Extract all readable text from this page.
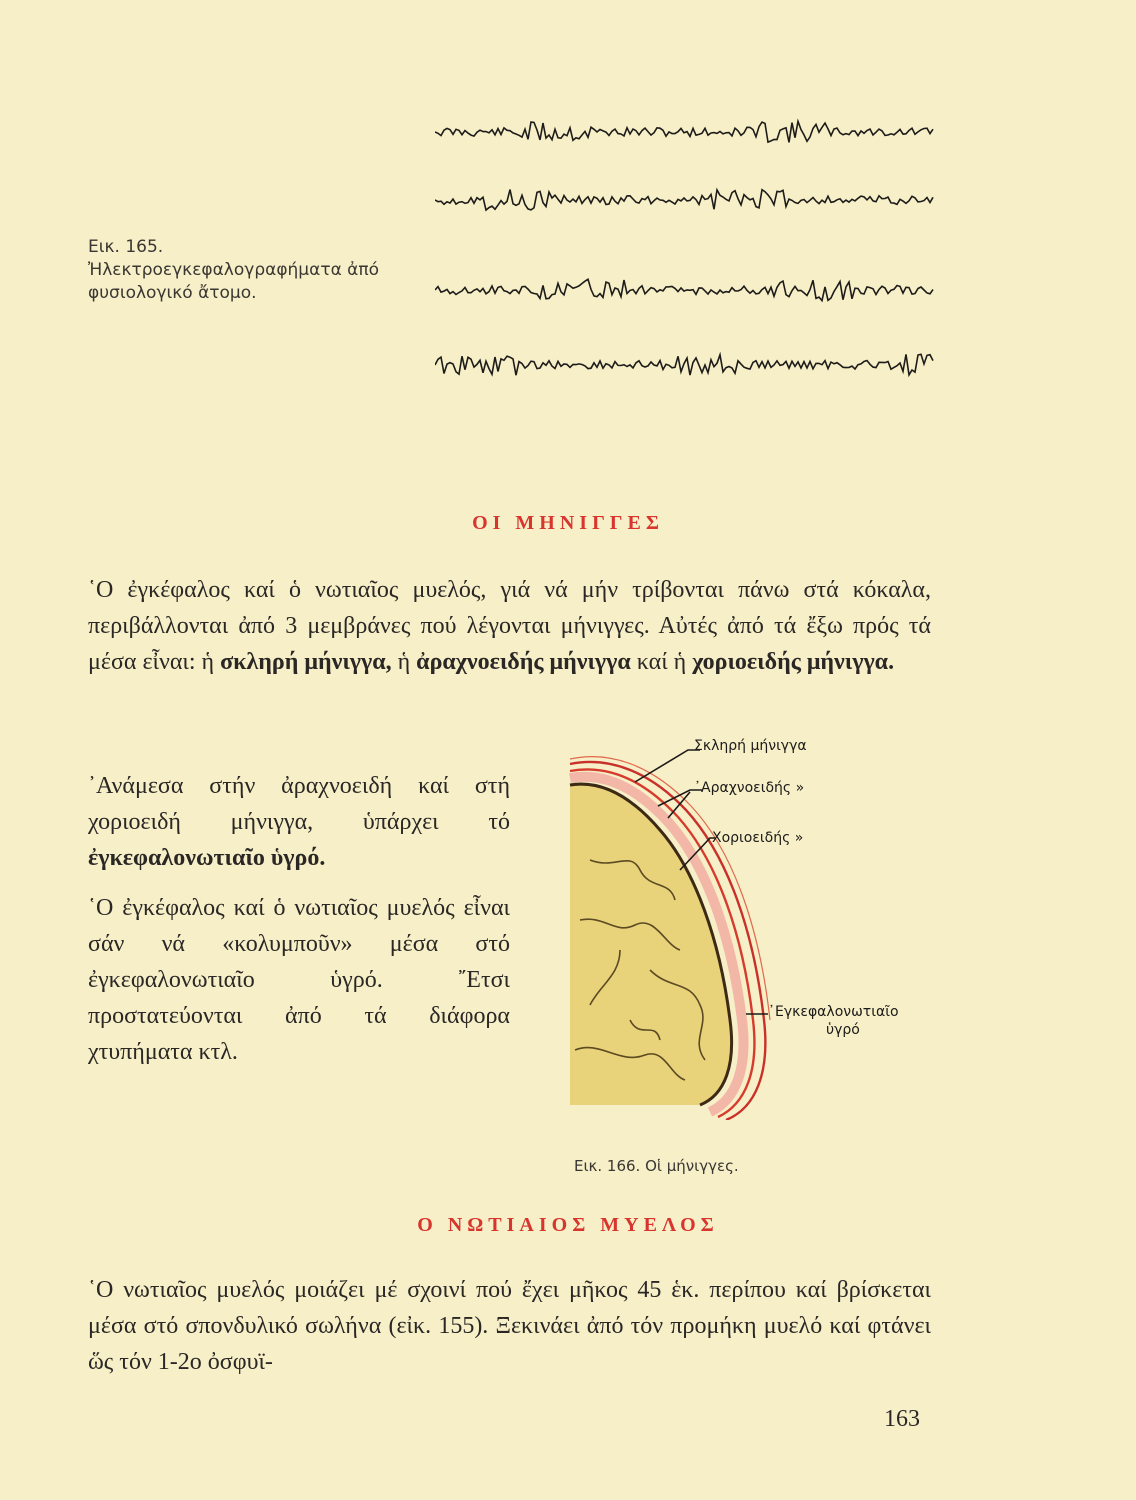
Εικ. 165. Ἠλεκτροεγκεφαλογραφήματα ἀπό φυσιολογικό ἄτομο.
ΟΙ ΜΗΝΙΓΓΕΣ

῾Ο ἐγκέφαλος καί ὁ νωτιαῖος μυελός, γιά νά μήν τρίβονται πάνω στά κόκαλα, περιβάλλονται ἀπό 3 μεμβράνες πού λέγονται μήνιγγες. Αὐτές ἀπό τά ἔξω πρός τά μέσα εἶναι: ἡ σκληρή μήνιγγα, ἡ ἀραχνοειδής μήνιγγα καί ἡ χοριοειδής μήνιγγα.

᾿Ανάμεσα στήν ἀραχνοειδή καί στή χοριοειδή μήνιγγα, ὑπάρχει τό ἐγκεφαλονωτιαῖο ὑγρό.

῾Ο ἐγκέφαλος καί ὁ νωτιαῖος μυελός εἶναι σάν νά «κολυμποῦν» μέσα στό ἐγκεφαλονωτιαῖο ὑγρό. ῎Ετσι προστατεύονται ἀπό τά διάφορα χτυπήματα κτλ.

Σκληρή μήνιγγα
᾿Αραχνοειδής »
Χοριοειδής »
᾿Εγκεφαλονωτιαῖο
ὑγρό
Εικ. 166. Οἱ μήνιγγες.
Ο ΝΩΤΙΑΙΟΣ ΜΥΕΛΟΣ

῾Ο νωτιαῖος μυελός μοιάζει μέ σχοινί πού ἔχει μῆκος 45 ἑκ. περίπου καί βρίσκεται μέσα στό σπονδυλικό σωλήνα (εἰκ. 155). Ξεκινάει ἀπό τόν προμήκη μυελό καί φτάνει ὥς τόν 1-2ο ὀσφυϊ-

163
